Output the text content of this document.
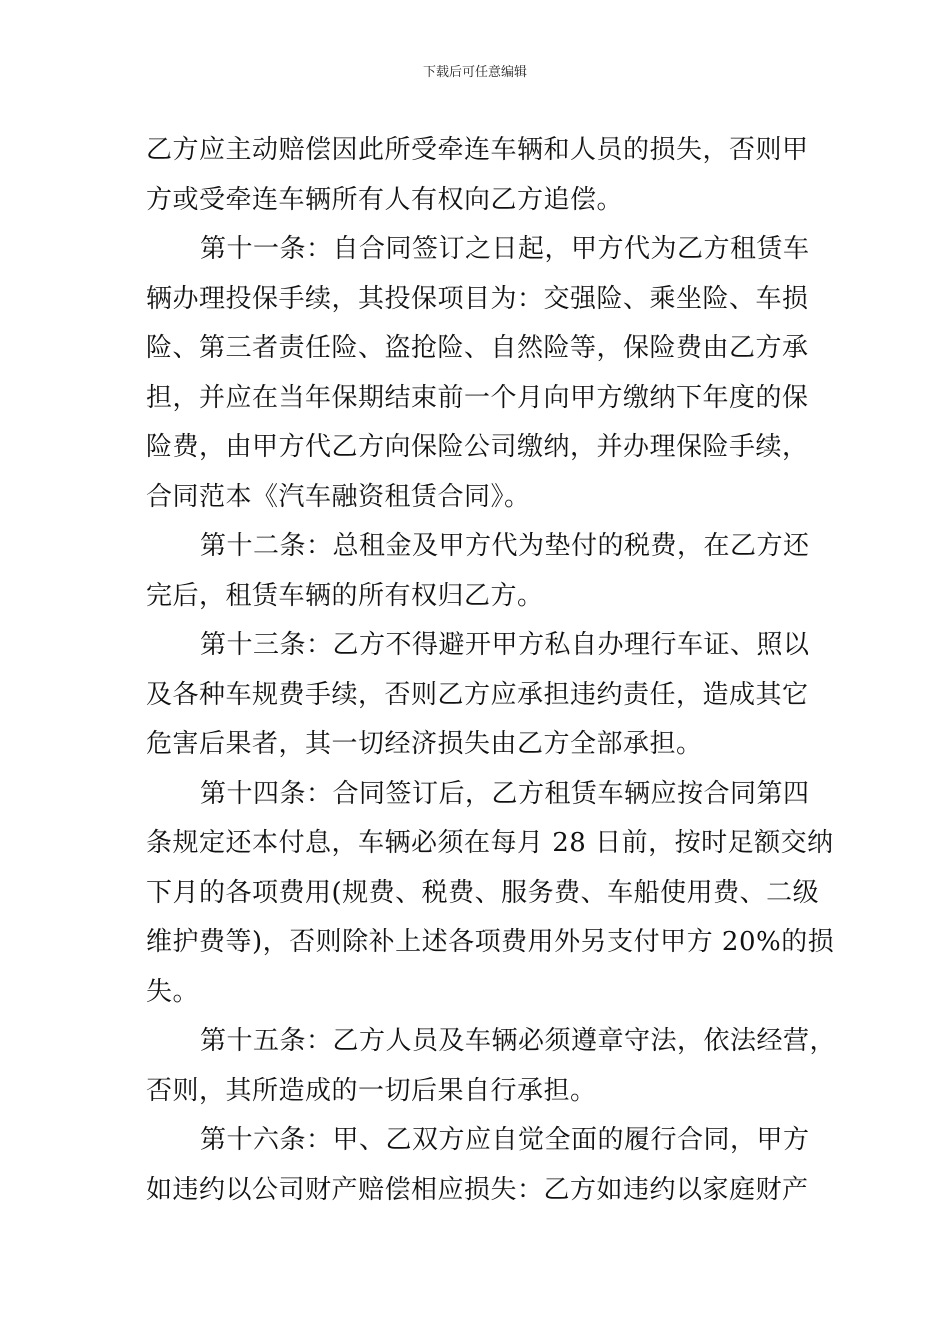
下载后可任意编辑
乙方应主动赔偿因此所受牵连车辆和人员的损失，否则甲
方或受牵连车辆所有人有权向乙方追偿。
第十一条：自合同签订之日起，甲方代为乙方租赁车
辆办理投保手续，其投保项目为：交强险、乘坐险、车损
险、第三者责任险、盗抢险、自然险等，保险费由乙方承
担，并应在当年保期结束前一个月向甲方缴纳下年度的保
险费，由甲方代乙方向保险公司缴纳，并办理保险手续，
合同范本《汽车融资租赁合同》。
第十二条：总租金及甲方代为垫付的税费，在乙方还
完后，租赁车辆的所有权归乙方。
第十三条：乙方不得避开甲方私自办理行车证、照以
及各种车规费手续，否则乙方应承担违约责任，造成其它
危害后果者，其一切经济损失由乙方全部承担。
第十四条：合同签订后，乙方租赁车辆应按合同第四
条规定还本付息，车辆必须在每月 28 日前，按时足额交纳
下月的各项费用(规费、税费、服务费、车船使用费、二级
维护费等)，否则除补上述各项费用外另支付甲方 20%的损
失。
第十五条：乙方人员及车辆必须遵章守法，依法经营，
否则，其所造成的一切后果自行承担。
第十六条：甲、乙双方应自觉全面的履行合同，甲方
如违约以公司财产赔偿相应损失：乙方如违约以家庭财产
